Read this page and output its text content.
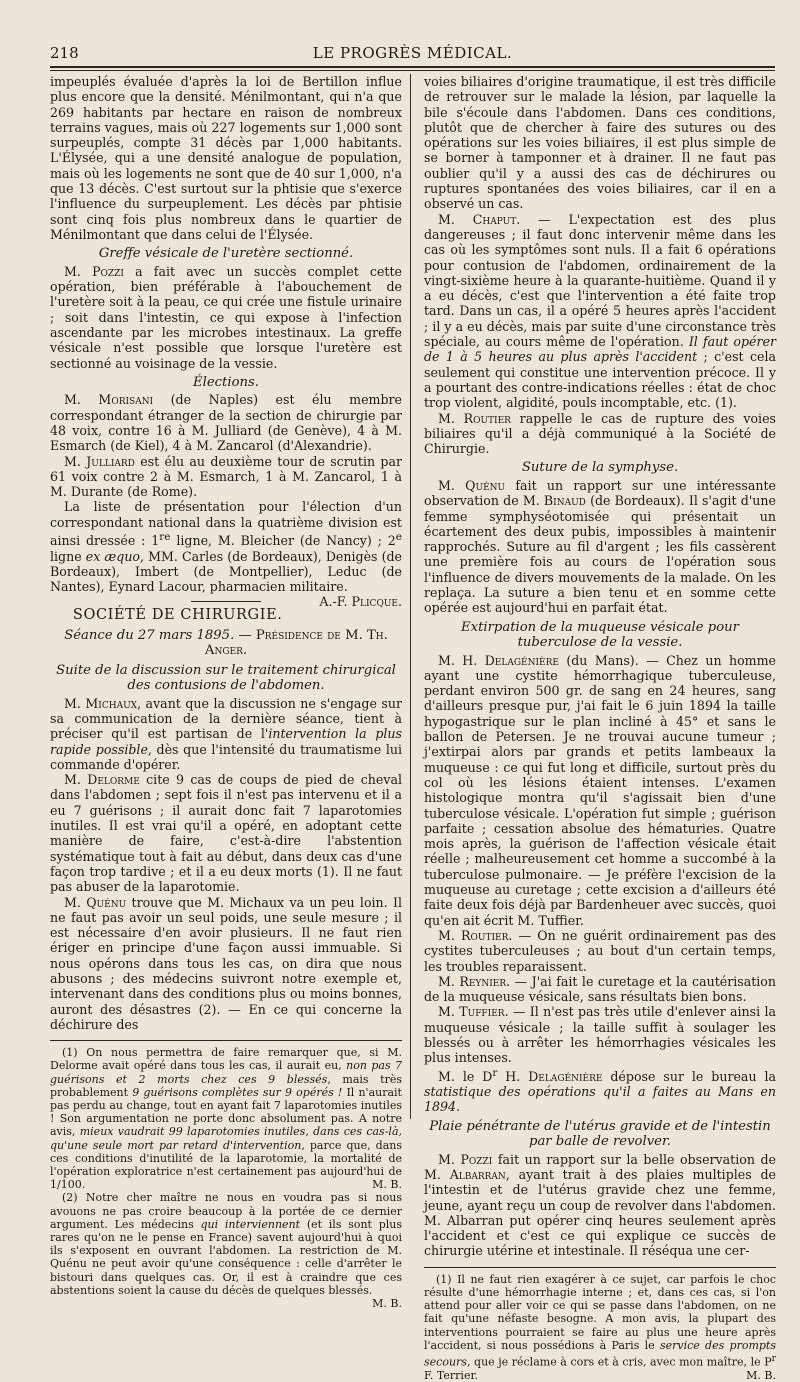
218	LE PROGRÈS MÉDICAL.

impeuplés évaluée d'après la loi de Bertillon influe plus encore que la densité. Ménilmontant, qui n'a que 269 habitants par hectare en raison de nombreux terrains vagues, mais où 227 logements sur 1,000 sont surpeuplés, compte 31 décès par 1,000 habitants. L'Élysée, qui a une densité analogue de population, mais où les logements ne sont que de 40 sur 1,000, n'a que 13 décès. C'est surtout sur la phtisie que s'exerce l'influence du surpeuplement. Les décès par phtisie sont cinq fois plus nombreux dans le quartier de Ménilmontant que dans celui de l'Élysée.

Greffe vésicale de l'uretère sectionné.

M. Pozzi a fait avec un succès complet cette opération, bien préférable à l'abouchement de l'uretère soit à la peau, ce qui crée une fistule urinaire ; soit dans l'intestin, ce qui expose à l'infection ascendante par les microbes intestinaux. La greffe vésicale n'est possible que lorsque l'uretère est sectionné au voisinage de la vessie.

Élections.

M. Morisani (de Naples) est élu membre correspondant étranger de la section de chirurgie par 48 voix, contre 16 à M. Julliard (de Genève), 4 à M. Esmarch (de Kiel), 4 à M. Zancarol (d'Alexandrie).

M. Julliard est élu au deuxième tour de scrutin par 61 voix contre 2 à M. Esmarch, 1 à M. Zancarol, 1 à M. Durante (de Rome).

La liste de présentation pour l'élection d'un correspondant national dans la quatrième division est ainsi dressée : 1re ligne, M. Bleicher (de Nancy) ; 2e ligne ex æquo, MM. Carles (de Bordeaux), Denigès (de Bordeaux), Imbert (de Montpellier), Leduc (de Nantes), Eynard Lacour, pharmacien militaire.
A.-F. Plicque.

SOCIÉTÉ DE CHIRURGIE.
Séance du 27 mars 1895. — Présidence de M. Th. Anger.
Suite de la discussion sur le traitement chirurgical des contusions de l'abdomen.

M. Michaux, avant que la discussion ne s'engage sur sa communication de la dernière séance, tient à préciser qu'il est partisan de l'intervention la plus rapide possible, dès que l'intensité du traumatisme lui commande d'opérer.

M. Delorme cite 9 cas de coups de pied de cheval dans l'abdomen ; sept fois il n'est pas intervenu et il a eu 7 guérisons ; il aurait donc fait 7 laparotomies inutiles. Il est vrai qu'il a opéré, en adoptant cette manière de faire, c'est-à-dire l'abstention systématique tout à fait au début, dans deux cas d'une façon trop tardive ; et il a eu deux morts (1). Il ne faut pas abuser de la laparotomie.

M. Quénu trouve que M. Michaux va un peu loin. Il ne faut pas avoir un seul poids, une seule mesure ; il est nécessaire d'en avoir plusieurs. Il ne faut rien ériger en principe d'une façon aussi immuable. Si nous opérons dans tous les cas, on dira que nous abusons ; des médecins suivront notre exemple et, intervenant dans des conditions plus ou moins bonnes, auront des désastres (2). — En ce qui concerne la déchirure des

(1) On nous permettra de faire remarquer que, si M. Delorme avait opéré dans tous les cas, il aurait eu, non pas 7 guérisons et 2 morts chez ces 9 blessés, mais très probablement 9 guérisons complètes sur 9 opérés ! Il n'aurait pas perdu au change, tout en ayant fait 7 laparotomies inutiles ! Son argumentation ne porte donc absolument pas. A notre avis, mieux vaudrait 99 laparotomies inutiles, dans ces cas-là, qu'une seule mort par retard d'intervention, parce que, dans ces conditions d'inutilité de la laparotomie, la mortalité de l'opération exploratrice n'est certainement pas aujourd'hui de 1/100.	M. B.

(2) Notre cher maître ne nous en voudra pas si nous avouons ne pas croire beaucoup à la portée de ce dernier argument. Les médecins qui interviennent (et ils sont plus rares qu'on ne le pense en France) savent aujourd'hui à quoi ils s'exposent en ouvrant l'abdomen. La restriction de M. Quénu ne peut avoir qu'une conséquence : celle d'arrêter le bistouri dans quelques cas. Or, il est à craindre que ces abstentions soient la cause du décès de quelques blessés.
M. B.

voies biliaires d'origine traumatique, il est très difficile de retrouver sur le malade la lésion, par laquelle la bile s'écoule dans l'abdomen. Dans ces conditions, plutôt que de chercher à faire des sutures ou des opérations sur les voies biliaires, il est plus simple de se borner à tamponner et à drainer. Il ne faut pas oublier qu'il y a aussi des cas de déchirures ou ruptures spontanées des voies biliaires, car il en a observé un cas.

M. Chaput. — L'expectation est des plus dangereuses ; il faut donc intervenir même dans les cas où les symptômes sont nuls. Il a fait 6 opérations pour contusion de l'abdomen, ordinairement de la vingt-sixième heure à la quarante-huitième. Quand il y a eu décès, c'est que l'intervention a été faite trop tard. Dans un cas, il a opéré 5 heures après l'accident ; il y a eu décès, mais par suite d'une circonstance très spéciale, au cours même de l'opération. Il faut opérer de 1 à 5 heures au plus après l'accident ; c'est cela seulement qui constitue une intervention précoce. Il y a pourtant des contre-indications réelles : état de choc trop violent, algidité, pouls incomptable, etc. (1).

M. Routier rappelle le cas de rupture des voies biliaires qu'il a déjà communiqué à la Société de Chirurgie.

Suture de la symphyse.

M. Quénu fait un rapport sur une intéressante observation de M. Binaud (de Bordeaux). Il s'agit d'une femme symphyséotomisée qui présentait un écartement des deux pubis, impossibles à maintenir rapprochés. Suture au fil d'argent ; les fils cassèrent une première fois au cours de l'opération sous l'influence de divers mouvements de la malade. On les replaça. La suture a bien tenu et en somme cette opérée est aujourd'hui en parfait état.

Extirpation de la muqueuse vésicale pour tuberculose de la vessie.

M. H. Delagénière (du Mans). — Chez un homme ayant une cystite hémorrhagique tuberculeuse, perdant environ 500 gr. de sang en 24 heures, sang d'ailleurs presque pur, j'ai fait le 6 juin 1894 la taille hypogastrique sur le plan incliné à 45° et sans le ballon de Petersen. Je ne trouvai aucune tumeur ; j'extirpai alors par grands et petits lambeaux la muqueuse : ce qui fut long et difficile, surtout près du col où les lésions étaient intenses. L'examen histologique montra qu'il s'agissait bien d'une tuberculose vésicale. L'opération fut simple ; guérison parfaite ; cessation absolue des hématuries. Quatre mois après, la guérison de l'affection vésicale était réelle ; malheureusement cet homme a succombé à la tuberculose pulmonaire. — Je préfère l'excision de la muqueuse au curetage ; cette excision a d'ailleurs été faite deux fois déjà par Bardenheuer avec succès, quoi qu'en ait écrit M. Tuffier.

M. Routier. — On ne guérit ordinairement pas des cystites tuberculeuses ; au bout d'un certain temps, les troubles reparaissent.

M. Reynier. — J'ai fait le curetage et la cautérisation de la muqueuse vésicale, sans résultats bien bons.

M. Tuffier. — Il n'est pas très utile d'enlever ainsi la muqueuse vésicale ; la taille suffit à soulager les blessés ou à arrêter les hémorrhagies vésicales les plus intenses.

M. le $D^r$ H. Delagénière dépose sur le bureau la statistique des opérations qu'il a faites au Mans en 1894.

Plaie pénétrante de l'utérus gravide et de l'intestin par balle de revolver.

M. Pozzi fait un rapport sur la belle observation de M. Albarran, ayant trait à des plaies multiples de l'intestin et de l'utérus gravide chez une femme, jeune, ayant reçu un coup de revolver dans l'abdomen. M. Albarran put opérer cinq heures seulement après l'accident et c'est ce qui explique ce succès de chirurgie utérine et intestinale. Il réséqua une cer-

(1) Il ne faut rien exagérer à ce sujet, car parfois le choc résulte d'une hémorrhagie interne ; et, dans ces cas, si l'on attend pour aller voir ce qui se passe dans l'abdomen, on ne fait qu'une néfaste besogne. A mon avis, la plupart des interventions pourraient se faire au plus une heure après l'accident, si nous possédions à Paris le service des prompts secours, que je réclame à cors et à cris, avec mon maître, le $P^r$ F. Terrier.	M. B.
